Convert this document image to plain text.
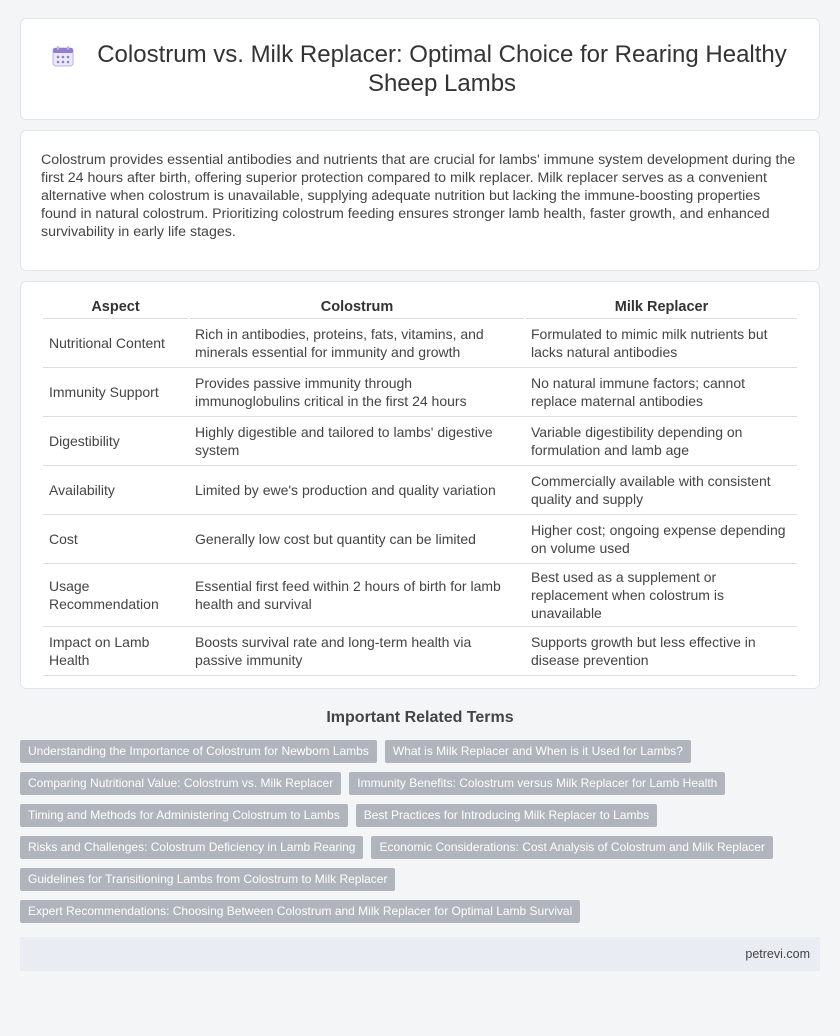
Colostrum vs. Milk Replacer: Optimal Choice for Rearing Healthy Sheep Lambs

Colostrum provides essential antibodies and nutrients that are crucial for lambs' immune system development during the first 24 hours after birth, offering superior protection compared to milk replacer. Milk replacer serves as a convenient alternative when colostrum is unavailable, supplying adequate nutrition but lacking the immune-boosting properties found in natural colostrum. Prioritizing colostrum feeding ensures stronger lamb health, faster growth, and enhanced survivability in early life stages.

Aspect	Colostrum	Milk Replacer
Nutritional Content	Rich in antibodies, proteins, fats, vitamins, and minerals essential for immunity and growth	Formulated to mimic milk nutrients but lacks natural antibodies
Immunity Support	Provides passive immunity through immunoglobulins critical in the first 24 hours	No natural immune factors; cannot replace maternal antibodies
Digestibility	Highly digestible and tailored to lambs' digestive system	Variable digestibility depending on formulation and lamb age
Availability	Limited by ewe's production and quality variation	Commercially available with consistent quality and supply
Cost	Generally low cost but quantity can be limited	Higher cost; ongoing expense depending on volume used
Usage Recommendation	Essential first feed within 2 hours of birth for lamb health and survival	Best used as a supplement or replacement when colostrum is unavailable
Impact on Lamb Health	Boosts survival rate and long-term health via passive immunity	Supports growth but less effective in disease prevention
Important Related Terms
Understanding the Importance of Colostrum for Newborn Lambs	What is Milk Replacer and When is it Used for Lambs?
Comparing Nutritional Value: Colostrum vs. Milk Replacer	Immunity Benefits: Colostrum versus Milk Replacer for Lamb Health
Timing and Methods for Administering Colostrum to Lambs	Best Practices for Introducing Milk Replacer to Lambs
Risks and Challenges: Colostrum Deficiency in Lamb Rearing	Economic Considerations: Cost Analysis of Colostrum and Milk Replacer
Guidelines for Transitioning Lambs from Colostrum to Milk Replacer
Expert Recommendations: Choosing Between Colostrum and Milk Replacer for Optimal Lamb Survival
petrevi.com
